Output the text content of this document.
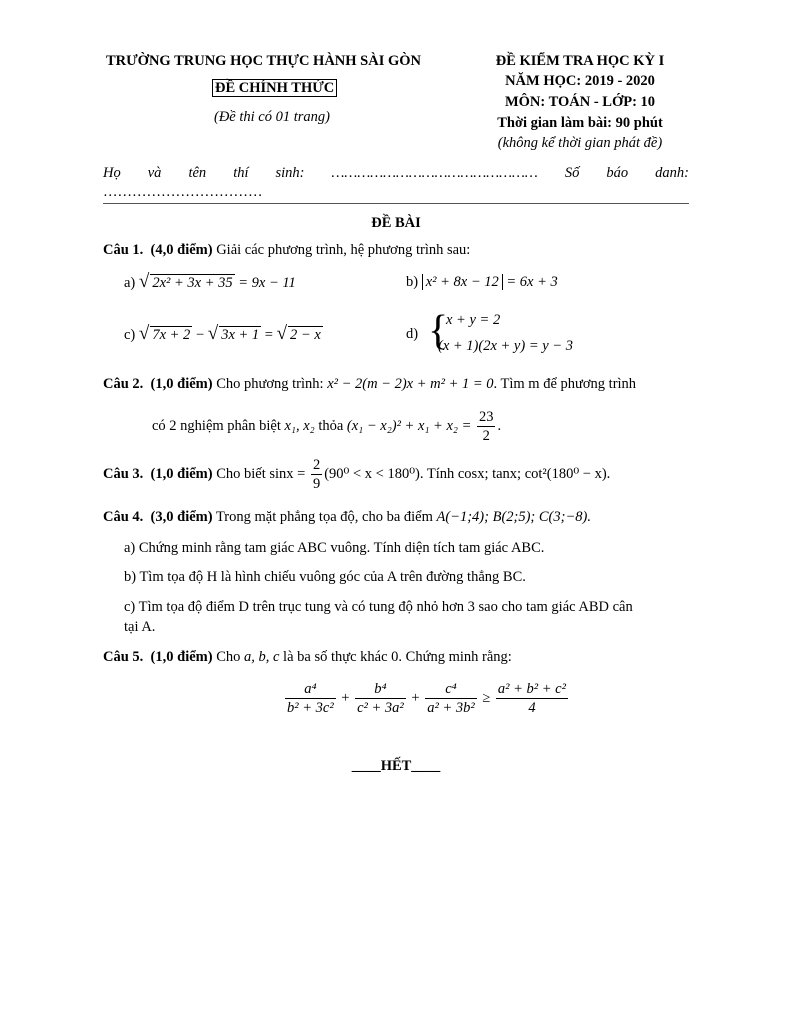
TRƯỜNG TRUNG HỌC THỰC HÀNH SÀI GÒN
ĐỀ CHÍNH THỨC
(Đề thi có 01 trang)
ĐỀ KIỂM TRA HỌC KỲ I
NĂM HỌC: 2019 - 2020
MÔN: TOÁN - LỚP: 10
Thời gian làm bài: 90 phút
(không kể thời gian phát đề)
Họ và tên thí sinh: ………………………………………… Số báo danh:
……………………………
ĐỀ BÀI
Câu 1. (4,0 điểm) Giải các phương trình, hệ phương trình sau:
a) √ 2x² + 3x + 35 = 9x − 11	b) x² + 8x − 12 = 6x + 3
c) √ 7x + 2 − √ 3x + 1 = √ 2 − x	d) {
x + y = 2
(x + 1)(2x + y) = y − 3
Câu 2. (1,0 điểm) Cho phương trình: x² − 2(m − 2)x + m² + 1 = 0. Tìm m để phương trình
có 2 nghiệm phân biệt x₁, x₂ thỏa $(x_1 - x_2)^2 + x_1 + x_2 = \frac{23}{2}$ .
Câu 3. (1,0 điểm) Cho biết $\sin x = \frac{2}{9} (90^0 < x < 180^0)$. Tính cosx; tanx; cot²(180⁰ − x).
Câu 4. (3,0 điểm) Trong mặt phẳng tọa độ, cho ba điểm A(−1;4); B(2;5); C(3;−8).
a) Chứng minh rằng tam giác ABC vuông. Tính diện tích tam giác ABC.
b) Tìm tọa độ H là hình chiếu vuông góc của A trên đường thẳng BC.
c) Tìm tọa độ điểm D trên trục tung và có tung độ nhỏ hơn 3 sao cho tam giác ABD cân
tại A.
Câu 5. (1,0 điểm) Cho a, b, c là ba số thực khác 0. Chứng minh rằng:
$\frac{\text{a⁴}}{\text{b² + 3c²}} + \frac{\text{b⁴}}{\text{c² + 3a²}} + \frac{\text{c⁴}}{\text{a² + 3b²}} \ge \frac{\text{a² + b² + c²}}{4}$
____HẾT____
